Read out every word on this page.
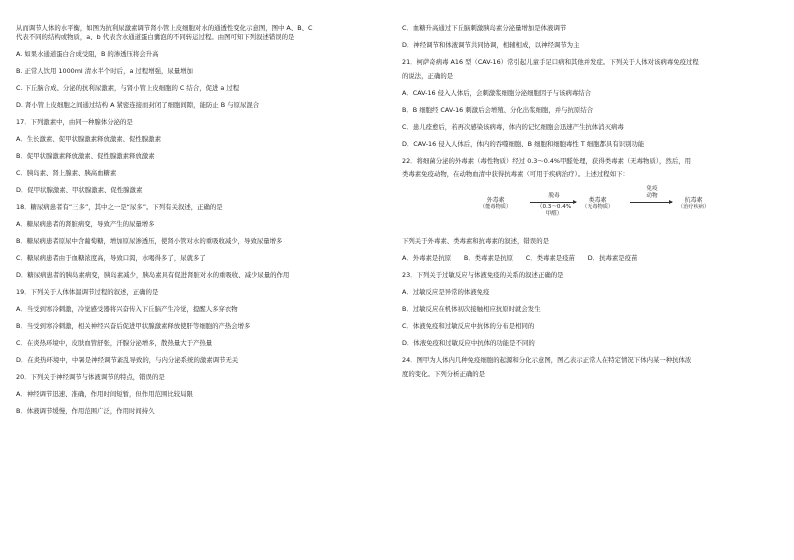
从而调节人体的水平衡，如图为抗利尿激素调节肾小管上皮细胞对水的通透性变化示意图，图中 A、B、C
代表不同的结构或物质，a、b 代表含水通道蛋白囊泡的不同转运过程。由图可知下列叙述错误的是
A. 如果水通道蛋白合成受阻，B 的渗透压将会升高
B. 正常人饮用 1000ml 清水半个时后，a 过程增强，尿量增加
C. 下丘脑合成、分泌的抗利尿激素，与肾小管上皮细胞的 C 结合，促进 a 过程
D. 肾小管上皮细胞之间通过结构 A 紧密连接而封闭了细胞间隙，能防止 B 与原尿混合
17．下列激素中，由同一种腺体分泌的是
A．生长激素、促甲状腺激素释放激素、促性腺激素
B．促甲状腺激素释放激素、促性腺激素释放激素
C．胰岛素、肾上腺素、胰高血糖素
D．促甲状腺激素、甲状腺激素、促性腺激素
18．糖尿病患者有“三多”，其中之一是“尿多”。下列有关叙述，正确的是
A．糖尿病患者的肾脏病变，导致产生的尿量增多
B．糖尿病患者原尿中含葡萄糖，增加原尿渗透压，使肾小管对水的重吸收减少，导致尿量增多
C．糖尿病患者由于血糖浓度高，导致口渴，水喝得多了，尿就多了
D．糖尿病患者的胰岛素病变，胰岛素减少，胰岛素具有促进肾脏对水的重吸收、减少尿量的作用
19．下列关于人体体温调节过程的叙述，正确的是
A．当受到寒冷刺激，冷觉感受器将兴奋传入下丘脑产生冷觉，提醒人多穿衣物
B．当受到寒冷刺激，相关神经兴奋后促进甲状腺激素释放使肝等细胞的产热会增多
C．在炎热环境中，皮肤血管舒张，汗腺分泌增多，散热量大于产热量
D．在炎热环境中，中暑是神经调节紊乱导致的，与内分泌系统的激素调节无关
20．下列关于神经调节与体液调节的特点，错误的是
A．神经调节迅速、准确，作用时间短暂，但作用范围比较局限
B．体液调节缓慢，作用范围广泛，作用时间持久
C．血糖升高通过下丘脑刺激胰岛素分泌量增加是体液调节
D．神经调节和体液调节共同协调，相辅相成，以神经调节为主
21．柯萨奇病毒 A16 型（CAV-16）常引起儿童手足口病和其他并发症。下列关于人体对该病毒免疫过程
的说法，正确的是
A．CAV-16 侵入人体后，会刺激浆细胞分泌细胞因子与该病毒结合
B．B 细胞经 CAV-16 刺激后会增殖、分化出浆细胞，并与抗原结合
C．患儿痊愈后，若再次感染该病毒，体内的记忆细胞会迅速产生抗体消灭病毒
D．CAV-16 侵入人体后，体内的吞噬细胞、B 细胞和细胞毒性 T 细胞都具有识别功能
22．将细菌分泌的外毒素（毒性物质）经过 0.3～0.4%甲醛处理，获得类毒素（无毒物质），然后，用
类毒素免疫动物，在动物血清中获得抗毒素（可用于疾病治疗）。上述过程如下：
外毒素
（能毒物质）
脱毒
（0.3～0.4%
甲醛）
类毒素
（无毒物质）
免疫
动物
抗毒素
（治疗疾病）
下列关于外毒素、类毒素和抗毒素的叙述，错误的是
A．外毒素是抗原　　B．类毒素是抗原　　C．类毒素是疫苗　　D．抗毒素是疫苗
23．下列关于过敏反应与体液免疫的关系的叙述正确的是
A．过敏反应是异常的体液免疫
B．过敏反应在机体初次接触相应抗原时就会发生
C．体液免疫和过敏反应中抗体的分布是相同的
D．体液免疫和过敏反应中抗体的功能是不同的
24．图甲为人体内几种免疫细胞的起源和分化示意图，图乙表示正常人在特定情况下体内某一种抗体浓
度的变化。下列分析正确的是
